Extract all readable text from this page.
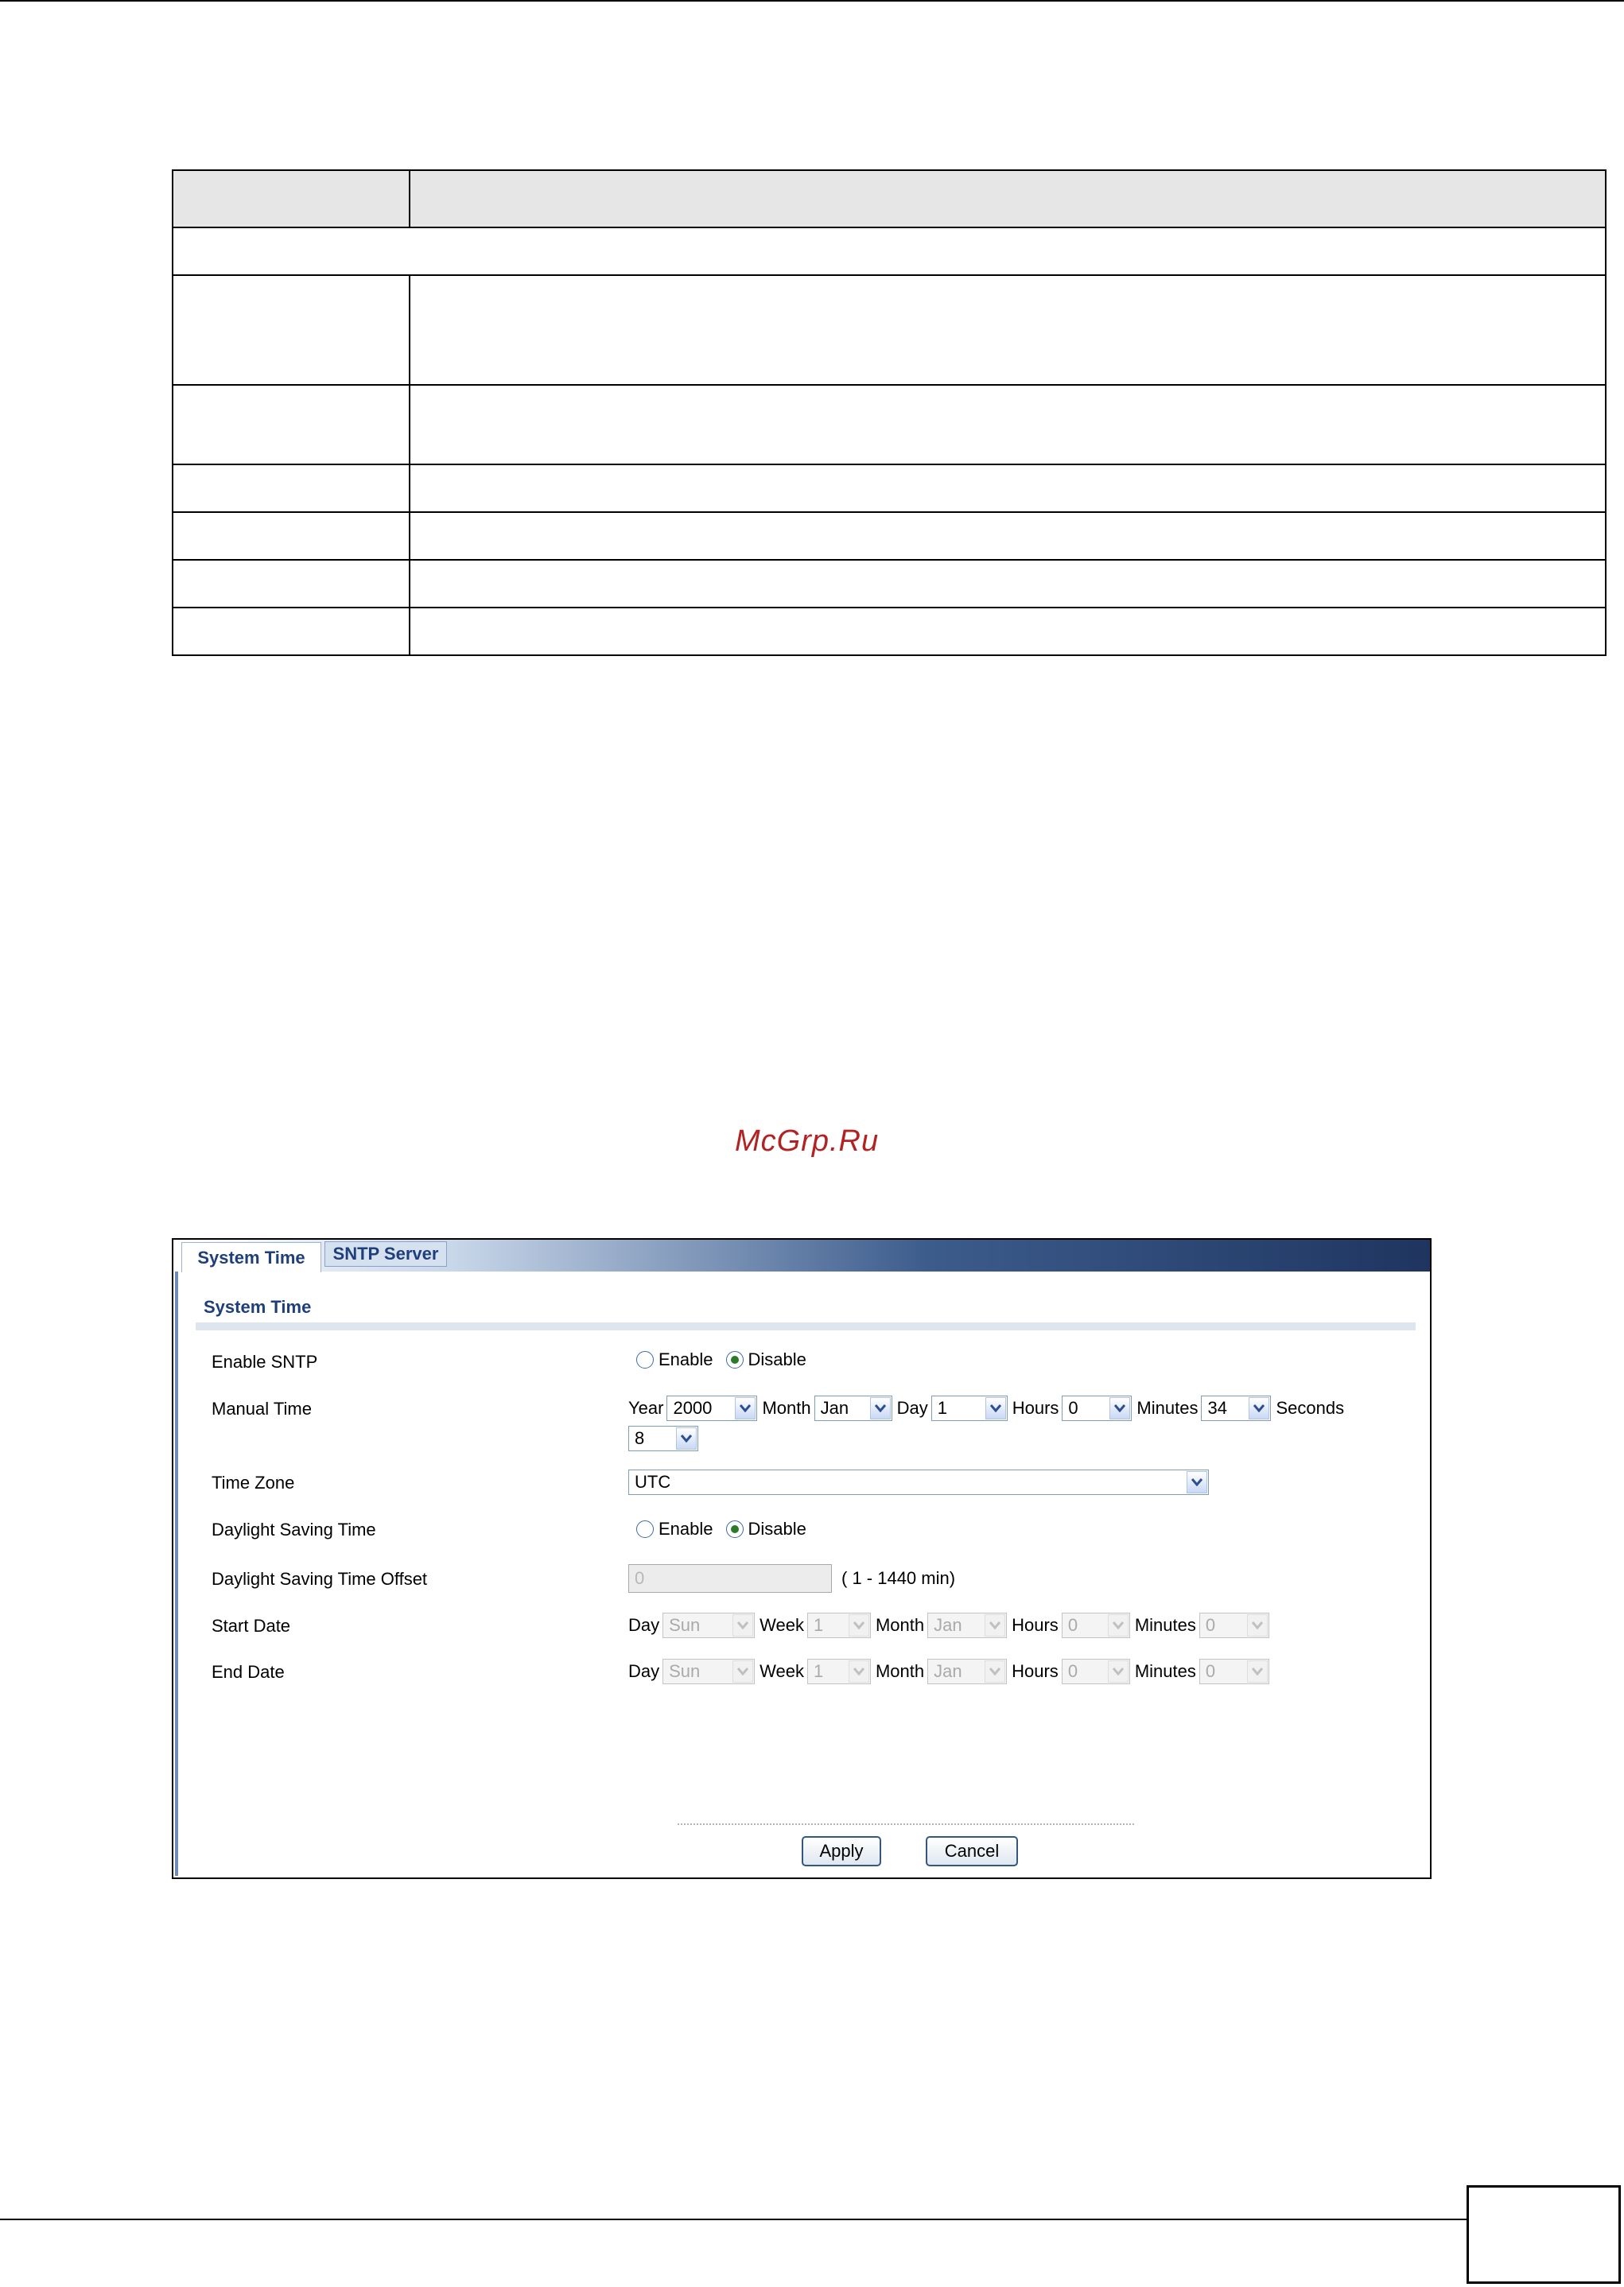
McGrp.Ru
System Time	SNTP Server
System Time
Enable SNTP	Enable Disable
Manual Time	Year 2000	Month Jan	Day 1	Hours 0	Minutes 34	Seconds
8
Time Zone	UTC
Daylight Saving Time	Enable Disable
Daylight Saving Time Offset	0	( 1 - 1440 min)
Start Date	Day Sun	Week 1	Month Jan	Hours 0	Minutes 0
End Date	Day Sun	Week 1	Month Jan	Hours 0	Minutes 0
Apply	Cancel
